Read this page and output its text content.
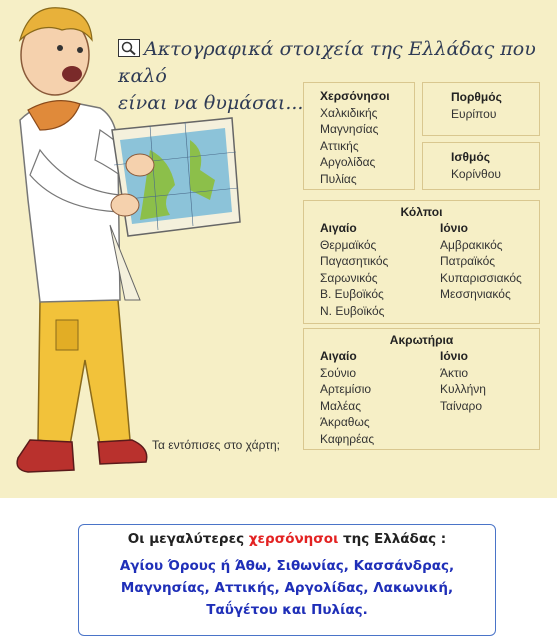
Ακτογραφικά στοιχεία της Ελλάδας που καλό
είναι να θυμάσαι...	Χερσόνησοι
Χαλκιδικής
Μαγνησίας
Αττικής
Αργολίδας
Πυλίας
Πορθμός
Ευρίπου
Ισθμός
Κορίνθου
Κόλποι
Αιγαίο
Θερμαϊκός
Παγασητικός
Σαρωνικός
Β. Ευβοϊκός
Ν. Ευβοϊκός
Ιόνιο
Αμβρακικός
Πατραϊκός
Κυπαρισσιακός
Μεσσηνιακός
Ακρωτήρια
Αιγαίο
Σούνιο
Αρτεμίσιο
Μαλέας
Άκραθως
Καφηρέας
Ιόνιο
Άκτιο
Κυλλήνη
Ταίναρο
Τα εντόπισες στο χάρτη;
Οι μεγαλύτερες χερσόνησοι της Ελλάδας :
Αγίου Όρους ή Άθω, Σιθωνίας, Κασσάνδρας, Μαγνησίας, Αττικής, Αργολίδας, Λακωνική, Ταΰγέτου και Πυλίας.
